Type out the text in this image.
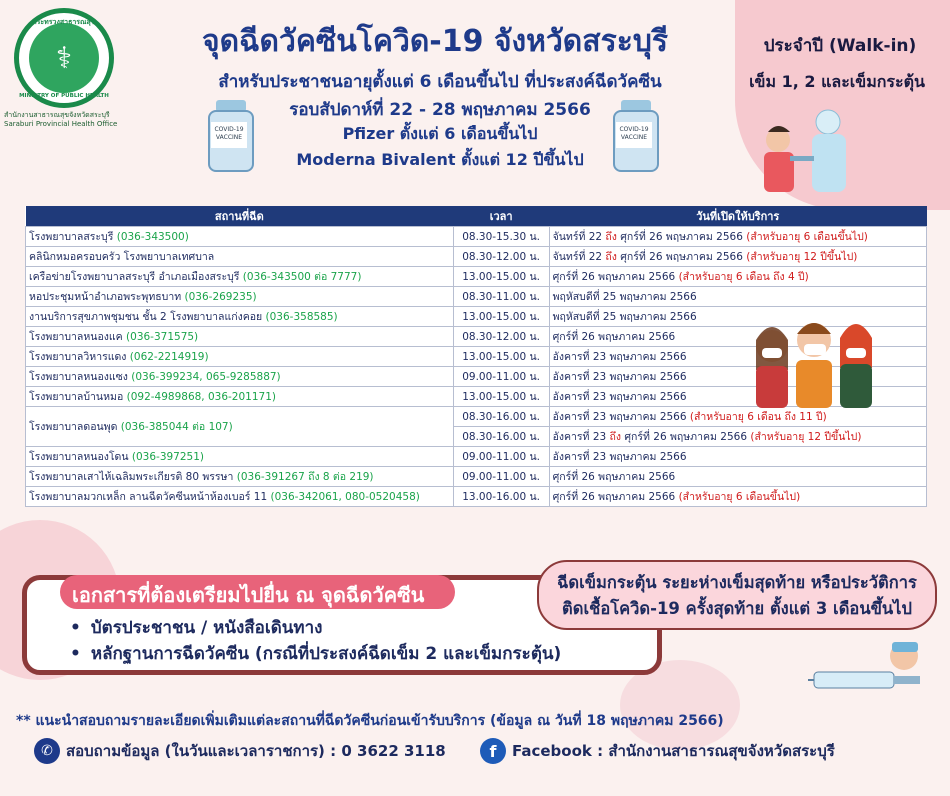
ประจำปี (Walk-in)
เข็ม 1, 2 และเข็มกระตุ้น
กระทรวงสาธารณสุข
⚕
MINISTRY OF PUBLIC HEALTH
สำนักงานสาธารณสุขจังหวัดสระบุรี
Saraburi Provincial Health Office
จุดฉีดวัคซีนโควิด-19 จังหวัดสระบุรี
สำหรับประชาชนอายุตั้งแต่ 6 เดือนขึ้นไป ที่ประสงค์ฉีดวัคซีน
รอบสัปดาห์ที่ 22 - 28 พฤษภาคม 2566
Pfizer ตั้งแต่ 6 เดือนขึ้นไป
Moderna Bivalent ตั้งแต่ 12 ปีขึ้นไป
COVID-19 VACCINE
COVID-19 VACCINE
สถานที่ฉีด	เวลา	วันที่เปิดให้บริการ
โรงพยาบาลสระบุรี (036-343500)	08.30-15.30 น.	จันทร์ที่ 22 ถึง ศุกร์ที่ 26 พฤษภาคม 2566 (สำหรับอายุ 6 เดือนขึ้นไป)
คลินิกหมอครอบครัว โรงพยาบาลเทศบาล	08.30-12.00 น.	จันทร์ที่ 22 ถึง ศุกร์ที่ 26 พฤษภาคม 2566 (สำหรับอายุ 12 ปีขึ้นไป)
เครือข่ายโรงพยาบาลสระบุรี อำเภอเมืองสระบุรี (036-343500 ต่อ 7777)	13.00-15.00 น.	ศุกร์ที่ 26 พฤษภาคม 2566 (สำหรับอายุ 6 เดือน ถึง 4 ปี)
หอประชุมหน้าอำเภอพระพุทธบาท (036-269235)	08.30-11.00 น.	พฤหัสบดีที่ 25 พฤษภาคม 2566
งานบริการสุขภาพชุมชน ชั้น 2 โรงพยาบาลแก่งคอย (036-358585)	13.00-15.00 น.	พฤหัสบดีที่ 25 พฤษภาคม 2566
โรงพยาบาลหนองแค (036-371575)	08.30-12.00 น.	ศุกร์ที่ 26 พฤษภาคม 2566
โรงพยาบาลวิหารแดง (062-2214919)	13.00-15.00 น.	อังคารที่ 23 พฤษภาคม 2566
โรงพยาบาลหนองแซง (036-399234, 065-9285887)	09.00-11.00 น.	อังคารที่ 23 พฤษภาคม 2566
โรงพยาบาลบ้านหมอ (092-4989868, 036-201171)	13.00-15.00 น.	อังคารที่ 23 พฤษภาคม 2566
โรงพยาบาลดอนพุด (036-385044 ต่อ 107)	08.30-16.00 น.	อังคารที่ 23 พฤษภาคม 2566 (สำหรับอายุ 6 เดือน ถึง 11 ปี)
	08.30-16.00 น.	อังคารที่ 23 ถึง ศุกร์ที่ 26 พฤษภาคม 2566 (สำหรับอายุ 12 ปีขึ้นไป)
โรงพยาบาลหนองโดน (036-397251)	09.00-11.00 น.	อังคารที่ 23 พฤษภาคม 2566
โรงพยาบาลเสาไห้เฉลิมพระเกียรติ 80 พรรษา (036-391267 ถึง 8 ต่อ 219)	09.00-11.00 น.	ศุกร์ที่ 26 พฤษภาคม 2566
โรงพยาบาลมวกเหล็ก ลานฉีดวัคซีนหน้าห้องเบอร์ 11 (036-342061, 080-0520458)	13.00-16.00 น.	ศุกร์ที่ 26 พฤษภาคม 2566 (สำหรับอายุ 6 เดือนขึ้นไป)
เอกสารที่ต้องเตรียมไปยื่น ณ จุดฉีดวัคซีน
• บัตรประชาชน / หนังสือเดินทาง
• หลักฐานการฉีดวัคซีน (กรณีที่ประสงค์ฉีดเข็ม 2 และเข็มกระตุ้น)
ฉีดเข็มกระตุ้น ระยะห่างเข็มสุดท้าย หรือประวัติการ
ติดเชื้อโควิด-19 ครั้งสุดท้าย ตั้งแต่ 3 เดือนขึ้นไป
** แนะนำสอบถามรายละเอียดเพิ่มเติมแต่ละสถานที่ฉีดวัคซีนก่อนเข้ารับบริการ (ข้อมูล ณ วันที่ 18 พฤษภาคม 2566)
✆ สอบถามข้อมูล (ในวันและเวลาราชการ) : 0 3622 3118	f	Facebook : สำนักงานสาธารณสุขจังหวัดสระบุรี
